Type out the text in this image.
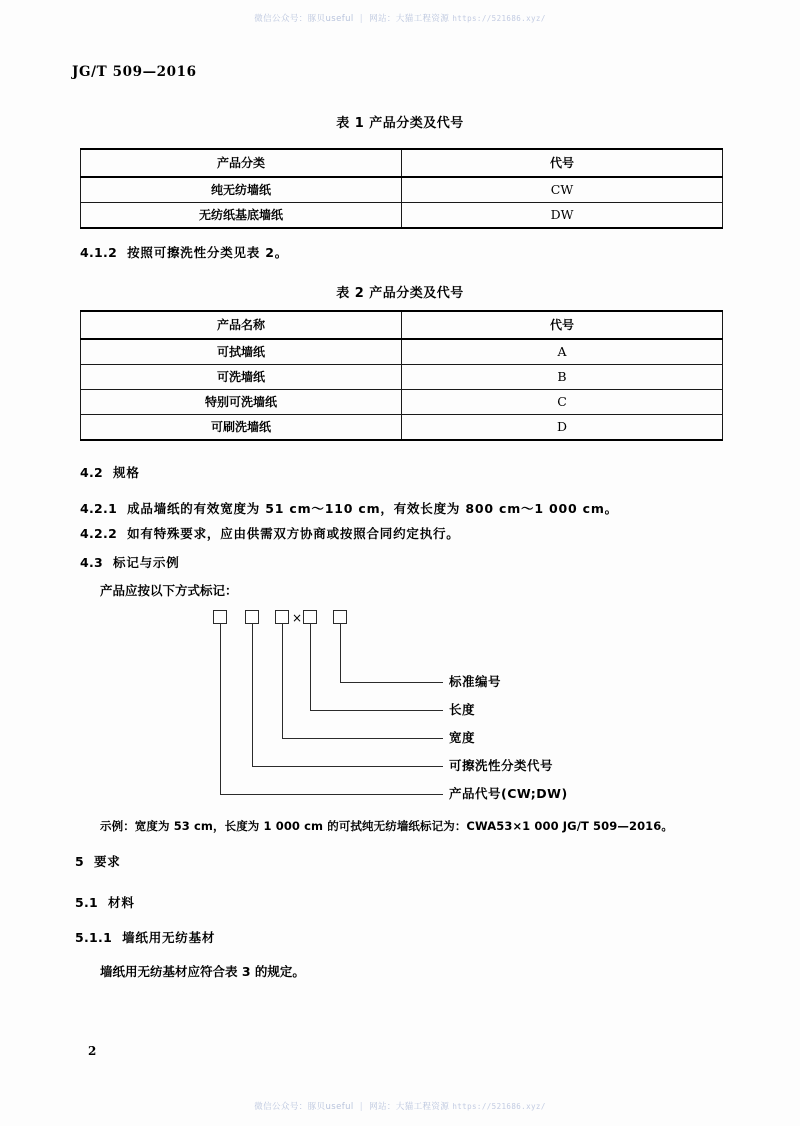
微信公众号：豚贝useful | 网站：大猫工程资源 https://521686.xyz/
JG/T 509—2016
表 1 产品分类及代号
产品分类	代号
纯无纺墙纸	CW
无纺纸基底墙纸	DW
4.1.2 按照可擦洗性分类见表 2。
表 2 产品分类及代号
产品名称	代号
可拭墙纸	A
可洗墙纸	B
特别可洗墙纸	C
可刷洗墙纸	D
4.2 规格
4.2.1 成品墙纸的有效宽度为 51 cm～110 cm，有效长度为 800 cm～1 000 cm。
4.2.2 如有特殊要求，应由供需双方协商或按照合同约定执行。
4.3 标记与示例
产品应按以下方式标记：
×
标准编号
长度
宽度
可擦洗性分类代号
产品代号(CW;DW)
示例：宽度为 53 cm，长度为 1 000 cm 的可拭纯无纺墙纸标记为：CWA53×1 000 JG/T 509—2016。
5 要求
5.1 材料
5.1.1 墙纸用无纺基材
墙纸用无纺基材应符合表 3 的规定。
2
微信公众号：豚贝useful | 网站：大猫工程资源 https://521686.xyz/
